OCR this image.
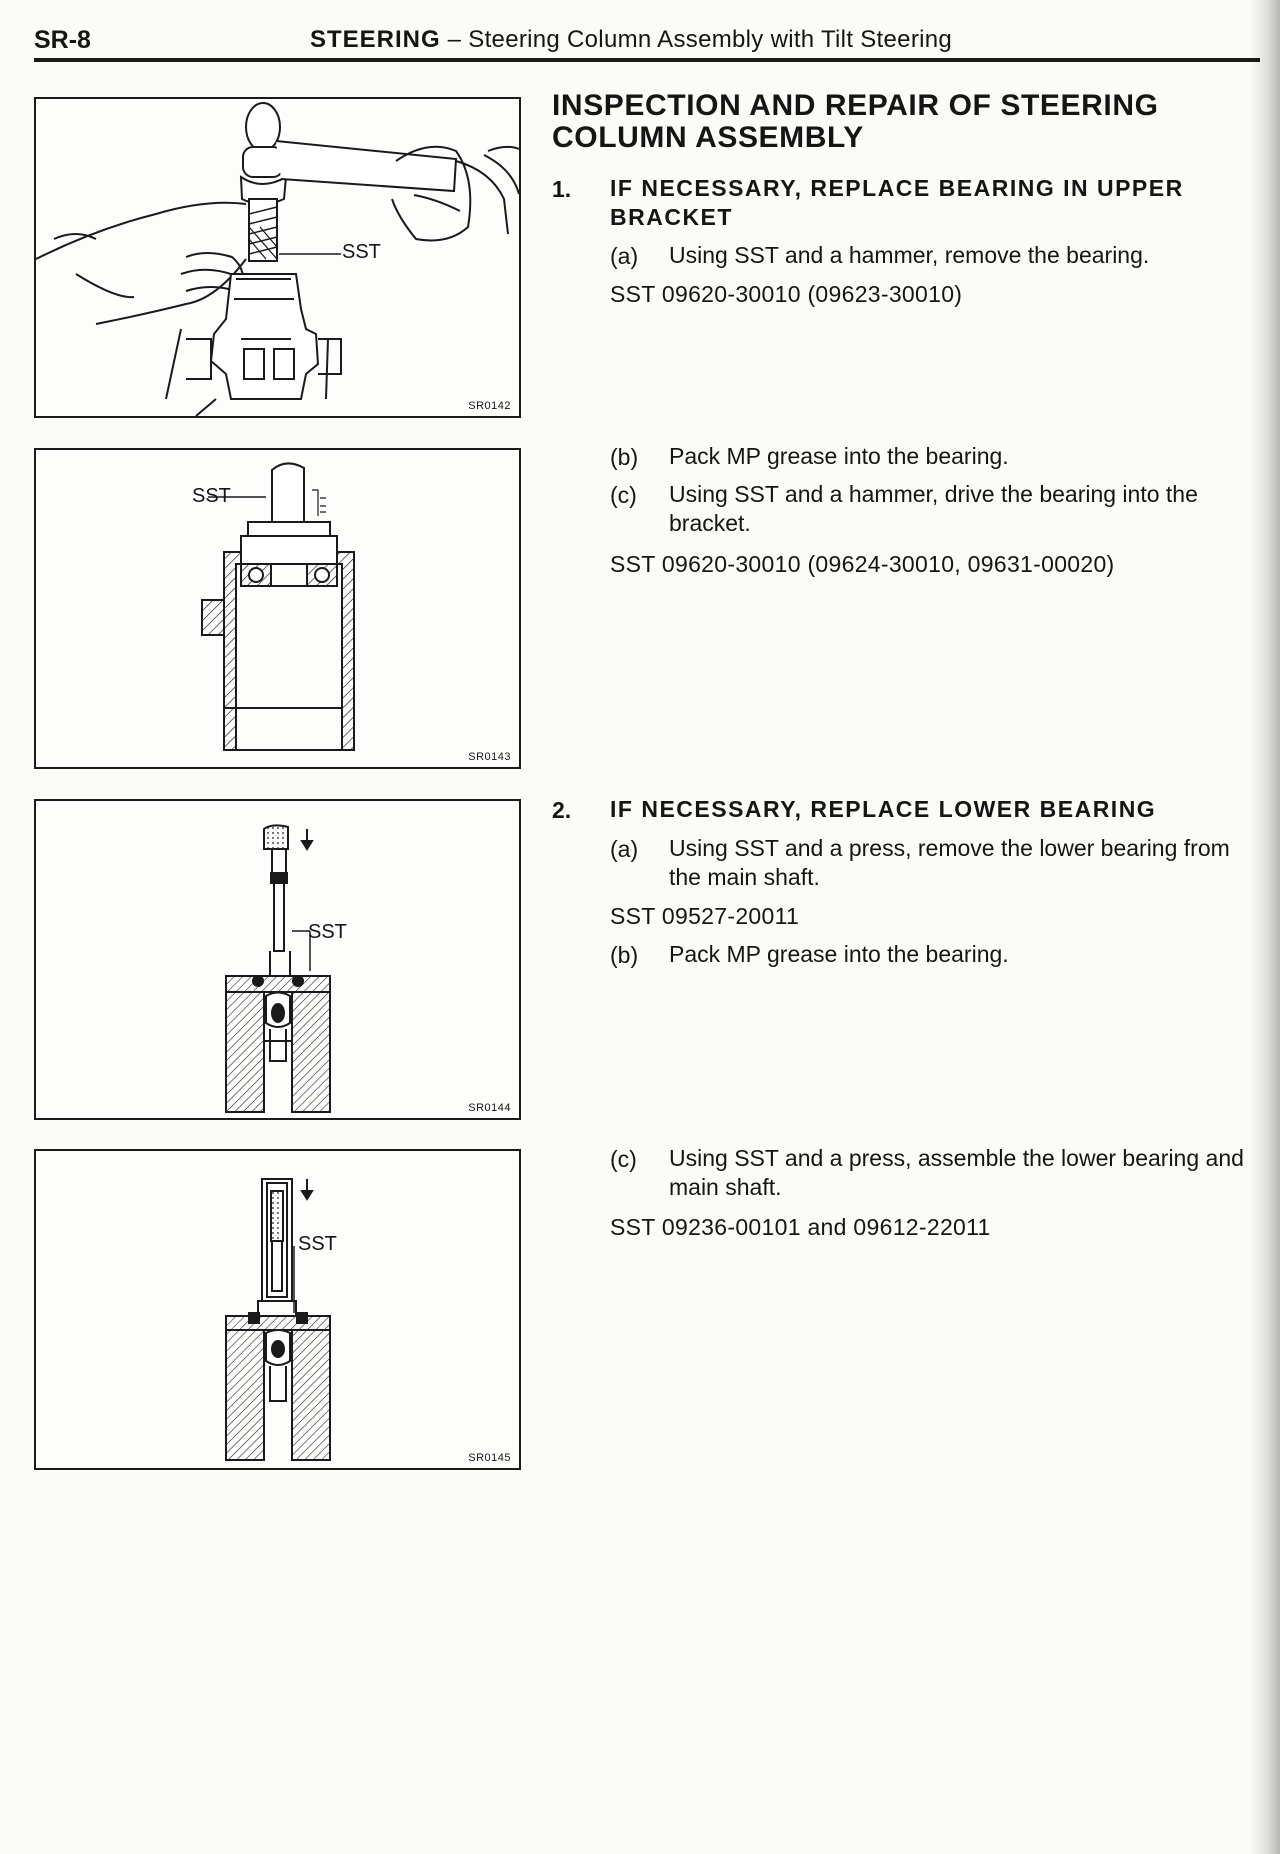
SR-8	STEERING – Steering Column Assembly with Tilt Steering
SST
SR0142
SST
SR0143
SST
SR0144
SST
SR0145
INSPECTION AND REPAIR OF STEERING
COLUMN ASSEMBLY
1. IF NECESSARY, REPLACE BEARING IN UPPER BRACKET
(a) Using SST and a hammer, remove the bearing.
SST 09620-30010 (09623-30010)
(b) Pack MP grease into the bearing.
(c) Using SST and a hammer, drive the bearing into the bracket.
SST 09620-30010 (09624-30010, 09631-00020)
2. IF NECESSARY, REPLACE LOWER BEARING
(a) Using SST and a press, remove the lower bearing from the main shaft.
SST 09527-20011
(b) Pack MP grease into the bearing.
(c) Using SST and a press, assemble the lower bearing and main shaft.
SST 09236-00101 and 09612-22011
